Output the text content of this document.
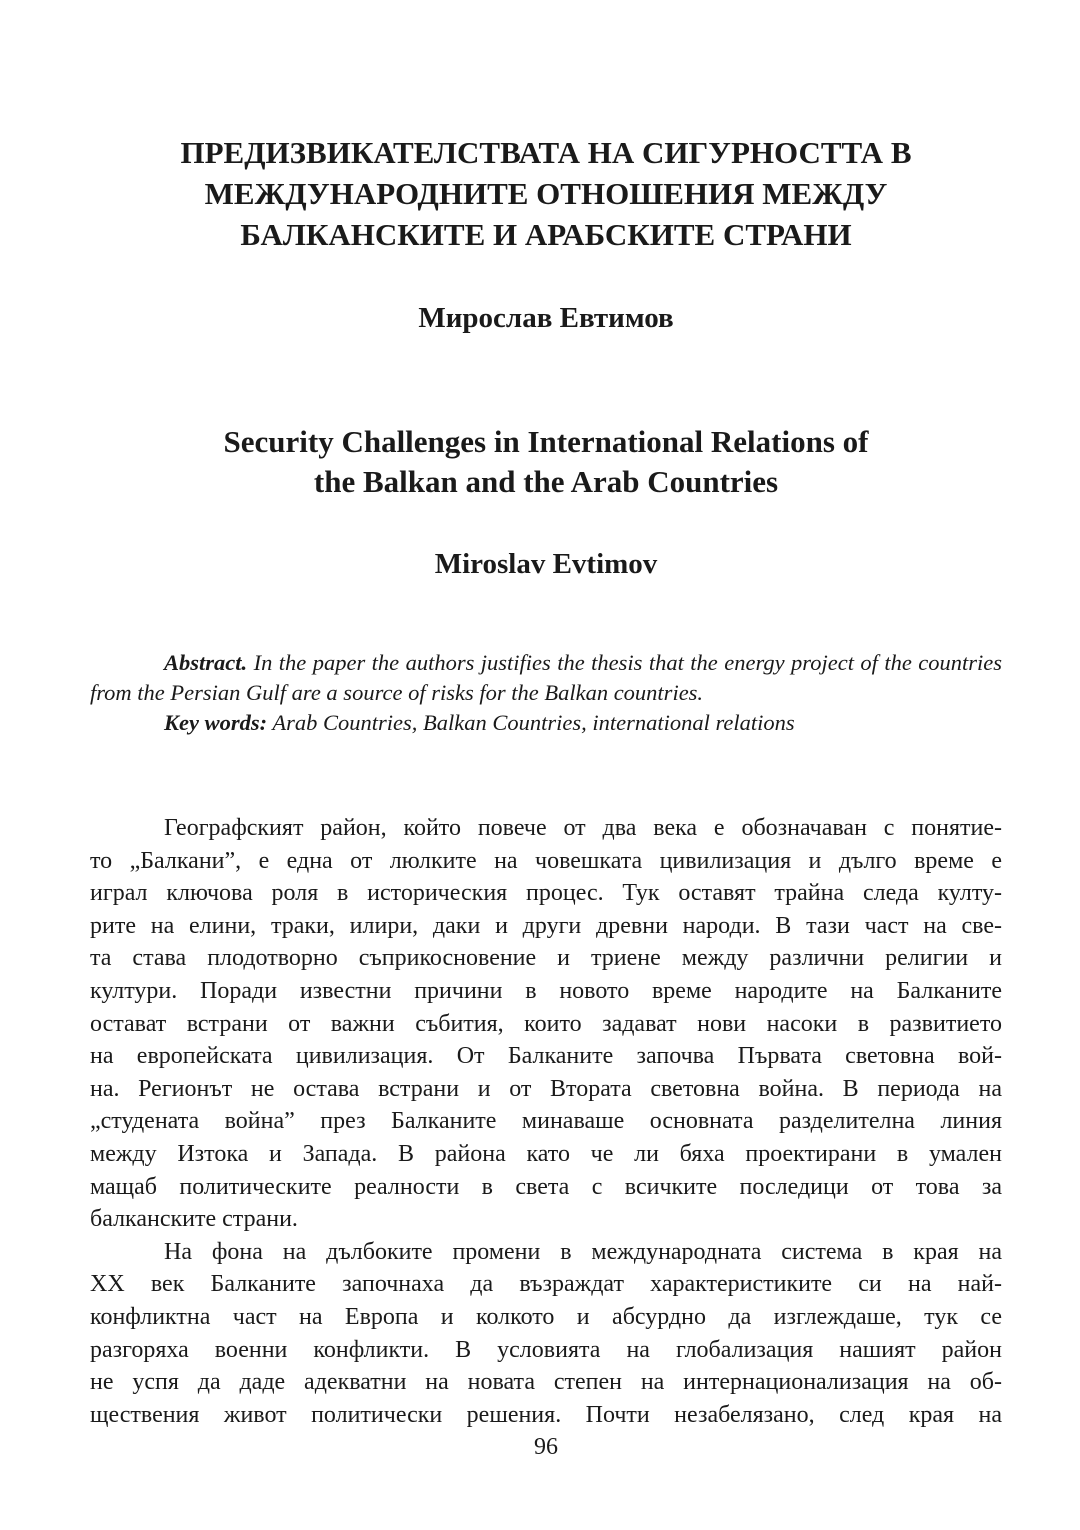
ПРЕДИЗВИКАТЕЛСТВАТА НА СИГУРНОСТТА В
МЕЖДУНАРОДНИТЕ ОТНОШЕНИЯ МЕЖДУ
БАЛКАНСКИТЕ И АРАБСКИТЕ СТРАНИ
Мирослав Евтимов
Security Challenges in International Relations of
the Balkan and the Arab Countries
Miroslav Evtimov

Abstract. In the paper the authors justifies the thesis that the energy project of the countries from the Persian Gulf are a source of risks for the Balkan countries.

Key words: Arab Countries, Balkan Countries, international relations

Географският район, който повече от два века е обозначаван с понятие-
то „Балкани”, е една от люлките на човешката цивилизация и дълго време е
играл ключова роля в историческия процес. Тук оставят трайна следа култу-
рите на елини, траки, илири, даки и други древни народи. В тази част на све-
та става плодотворно съприкосновение и триене между различни религии и
култури. Поради известни причини в новото време народите на Балканите
остават встрани от важни събития, които задават нови насоки в развитието
на европейската цивилизация. От Балканите започва Първата световна вой-
на. Регионът не остава встрани и от Втората световна война. В периода на
„студената война” през Балканите минаваше основната разделителна линия
между Изтока и Запада. В района като че ли бяха проектирани в умален
мащаб политическите реалности в света с всичките последици от това за
балканските страни.
На фона на дълбоките промени в международната система в края на
ХХ век Балканите започнаха да възраждат характеристиките си на най-
конфликтна част на Европа и колкото и абсурдно да изглеждаше, тук се
разгоряха военни конфликти. В условията на глобализация нашият район
не успя да даде адекватни на новата степен на интернационализация на об-
ществения живот политически решения. Почти незабелязано, след края на
96
